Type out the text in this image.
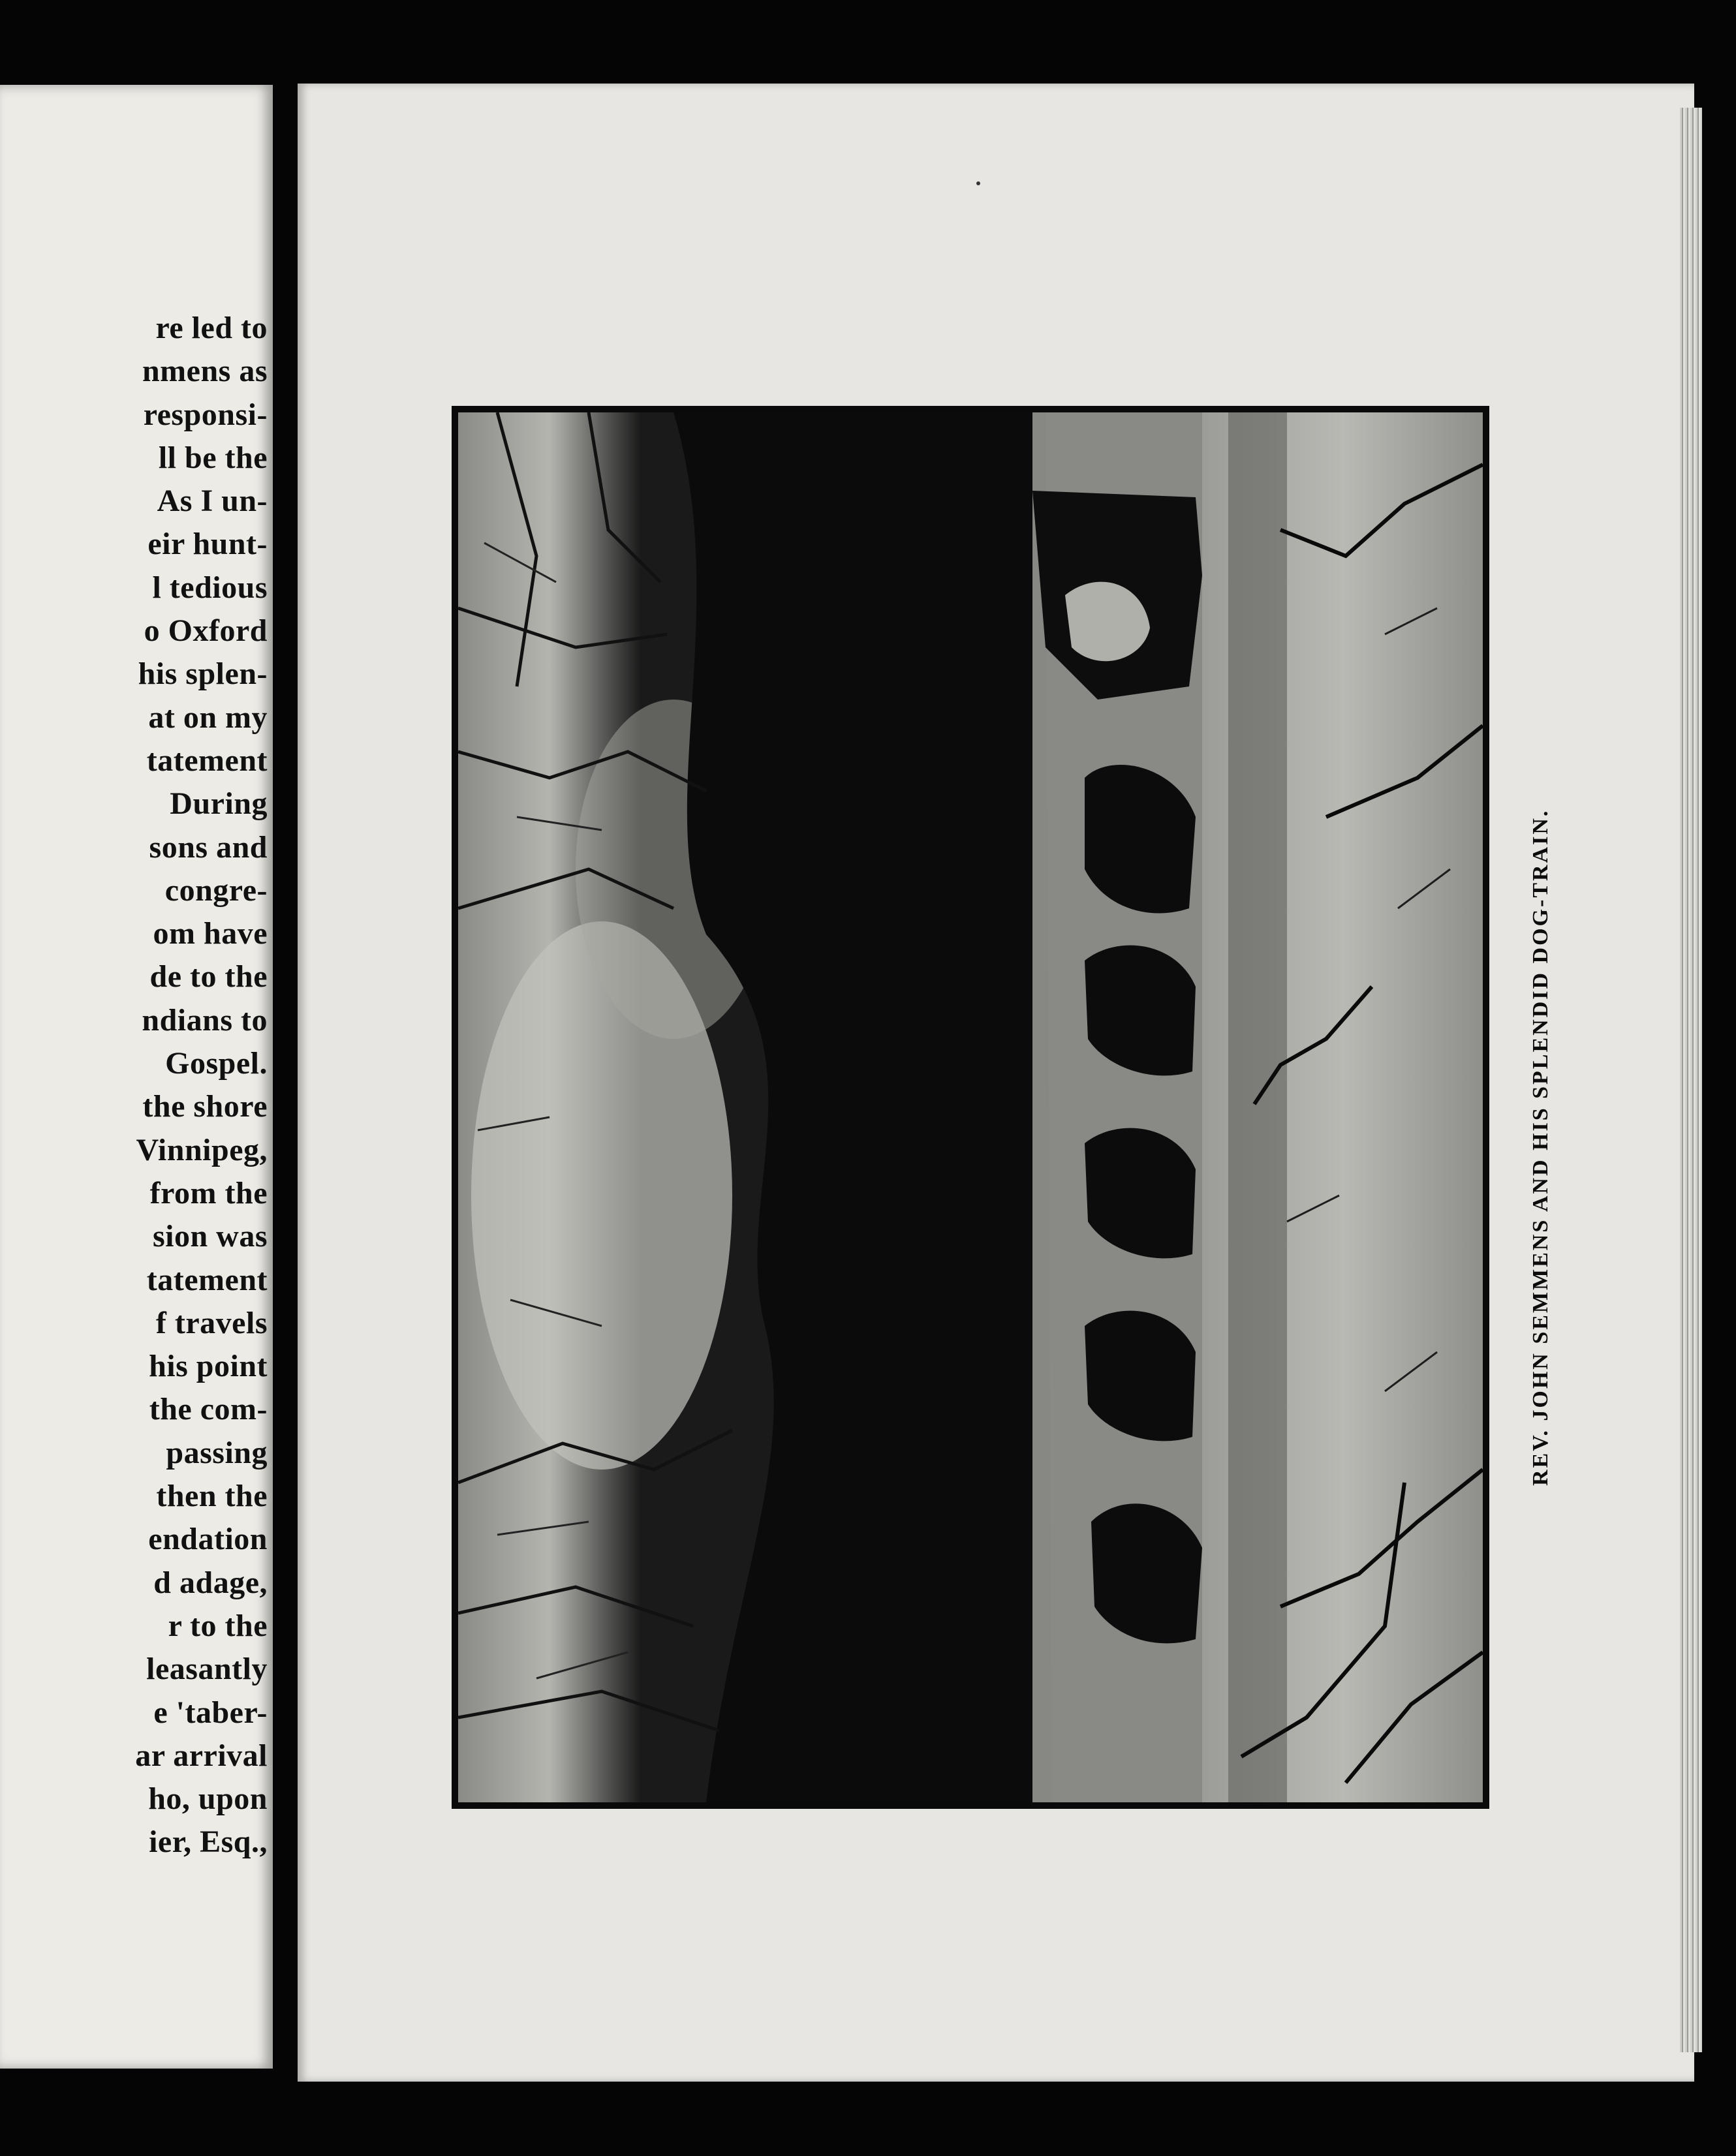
re led to
nmens as
responsi-
ll be the
As I un-
eir hunt-
l tedious
o Oxford
his splen-
at on my
tatement
During
sons and
congre-
om have
de to the
ndians to
Gospel.
the shore
Vinnipeg,
from the
sion was
tatement
f travels
his point
the com-
passing
then the
endation
d adage,
r to the
leasantly
e 'taber-
ar arrival
ho, upon
ier, Esq.,
REV. JOHN SEMMENS AND HIS SPLENDID DOG-TRAIN.
